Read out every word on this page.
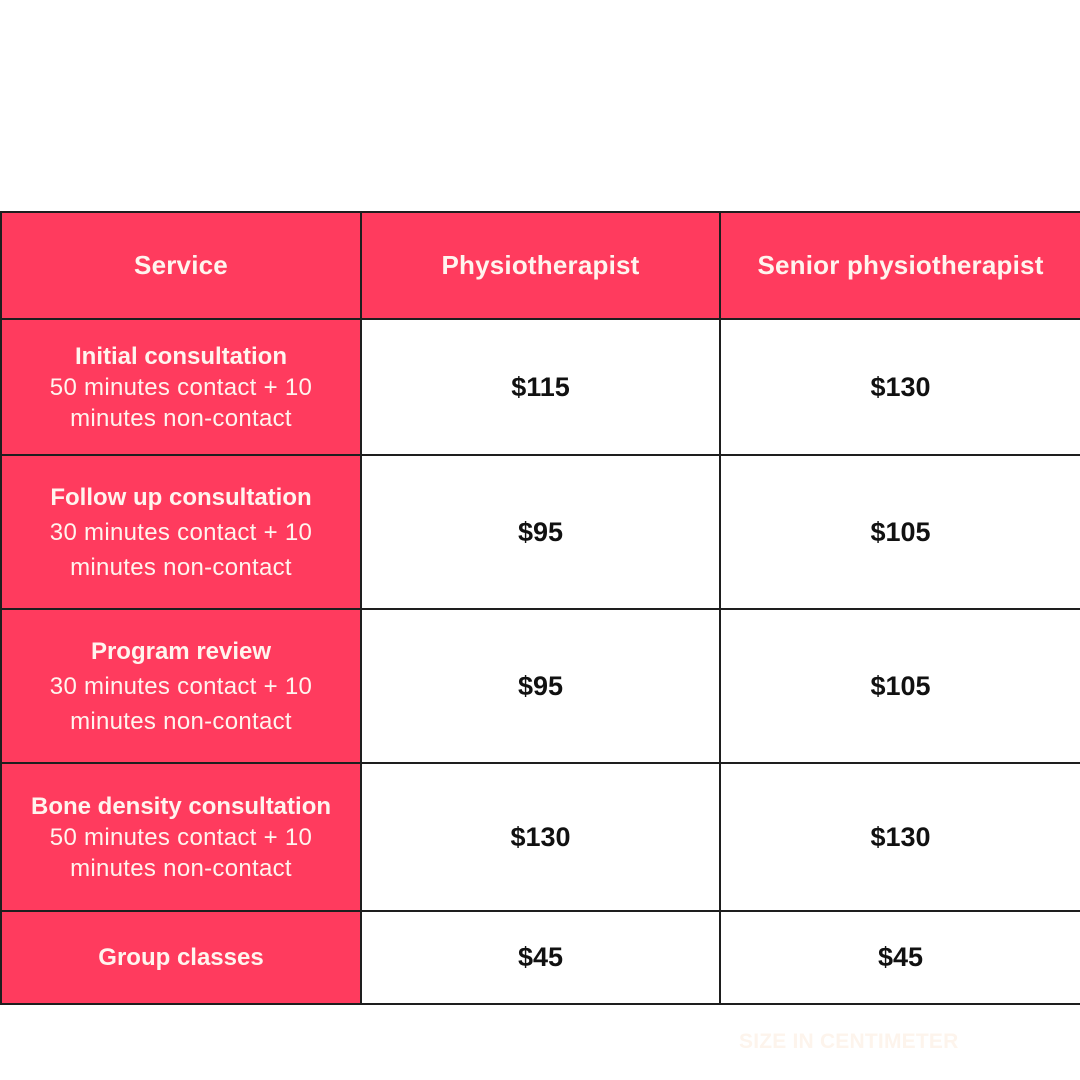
Service	Physiotherapist	Senior physiotherapist

Initial consultation
50 minutes contact + 10
minutes non-contact	$115	$130

Follow up consultation
30 minutes contact + 10
minutes non-contact	$95	$105

Program review
30 minutes contact + 10
minutes non-contact	$95	$105

Bone density consultation
50 minutes contact + 10
minutes non-contact	$130	$130

Group classes	$45	$45
SIZE IN CENTIMETER
